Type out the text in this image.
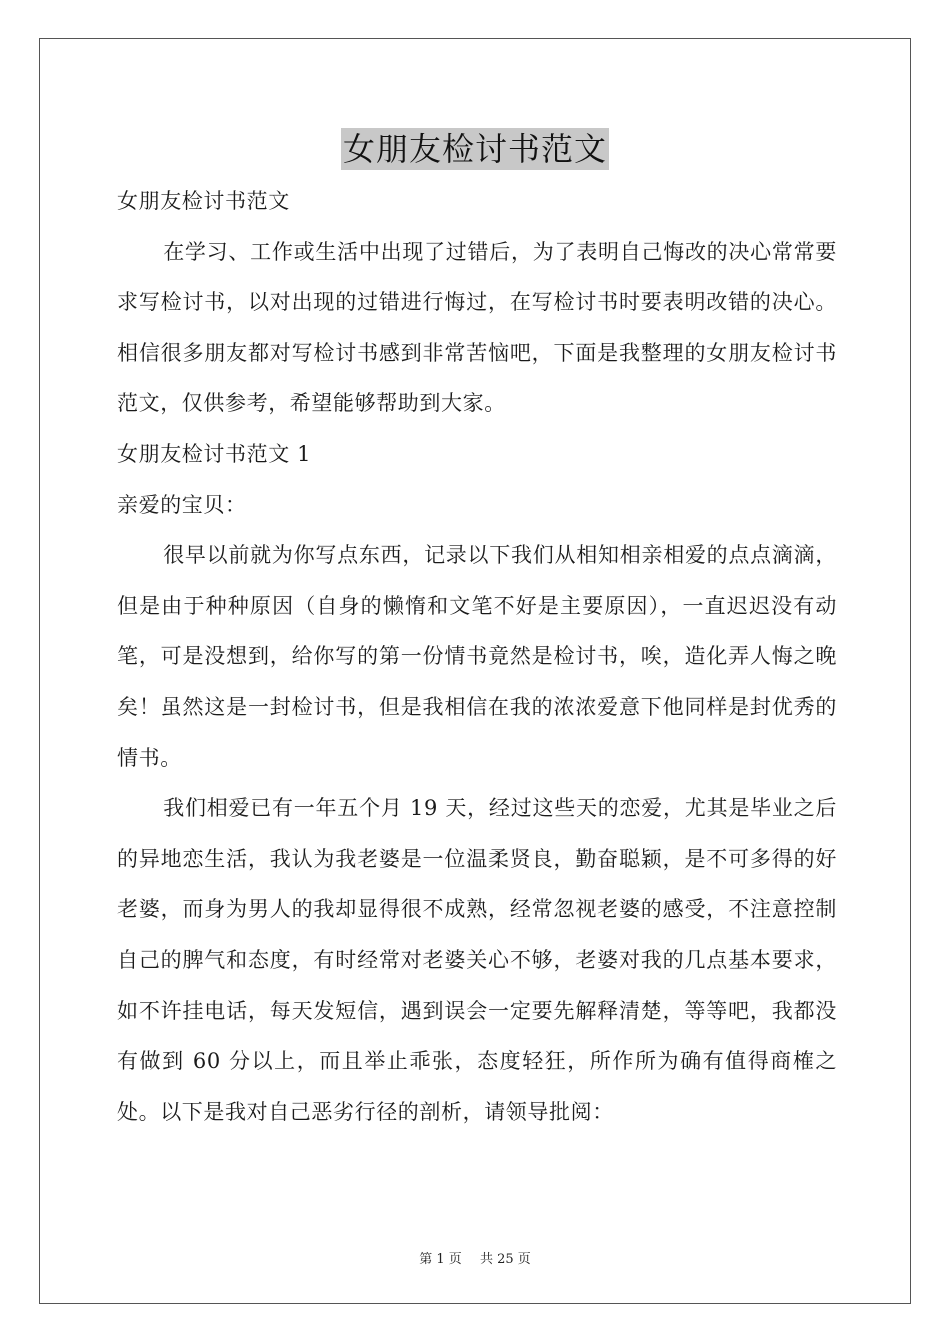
女朋友检讨书范文

女朋友检讨书范文

在学习、工作或生活中出现了过错后，为了表明自己悔改的决心常常要求写检讨书，以对出现的过错进行悔过，在写检讨书时要表明改错的决心。相信很多朋友都对写检讨书感到非常苦恼吧，下面是我整理的女朋友检讨书范文，仅供参考，希望能够帮助到大家。

女朋友检讨书范文 1

亲爱的宝贝：

很早以前就为你写点东西，记录以下我们从相知相亲相爱的点点滴滴，但是由于种种原因（自身的懒惰和文笔不好是主要原因），一直迟迟没有动笔，可是没想到，给你写的第一份情书竟然是检讨书，唉，造化弄人悔之晚矣！虽然这是一封检讨书，但是我相信在我的浓浓爱意下他同样是封优秀的情书。

我们相爱已有一年五个月 19 天，经过这些天的恋爱，尤其是毕业之后的异地恋生活，我认为我老婆是一位温柔贤良，勤奋聪颖，是不可多得的好老婆，而身为男人的我却显得很不成熟，经常忽视老婆的感受，不注意控制自己的脾气和态度，有时经常对老婆关心不够，老婆对我的几点基本要求，如不许挂电话，每天发短信，遇到误会一定要先解释清楚，等等吧，我都没有做到 60 分以上，而且举止乖张，态度轻狂，所作所为确有值得商榷之处。以下是我对自己恶劣行径的剖析，请领导批阅：

第 1 页 共 25 页
